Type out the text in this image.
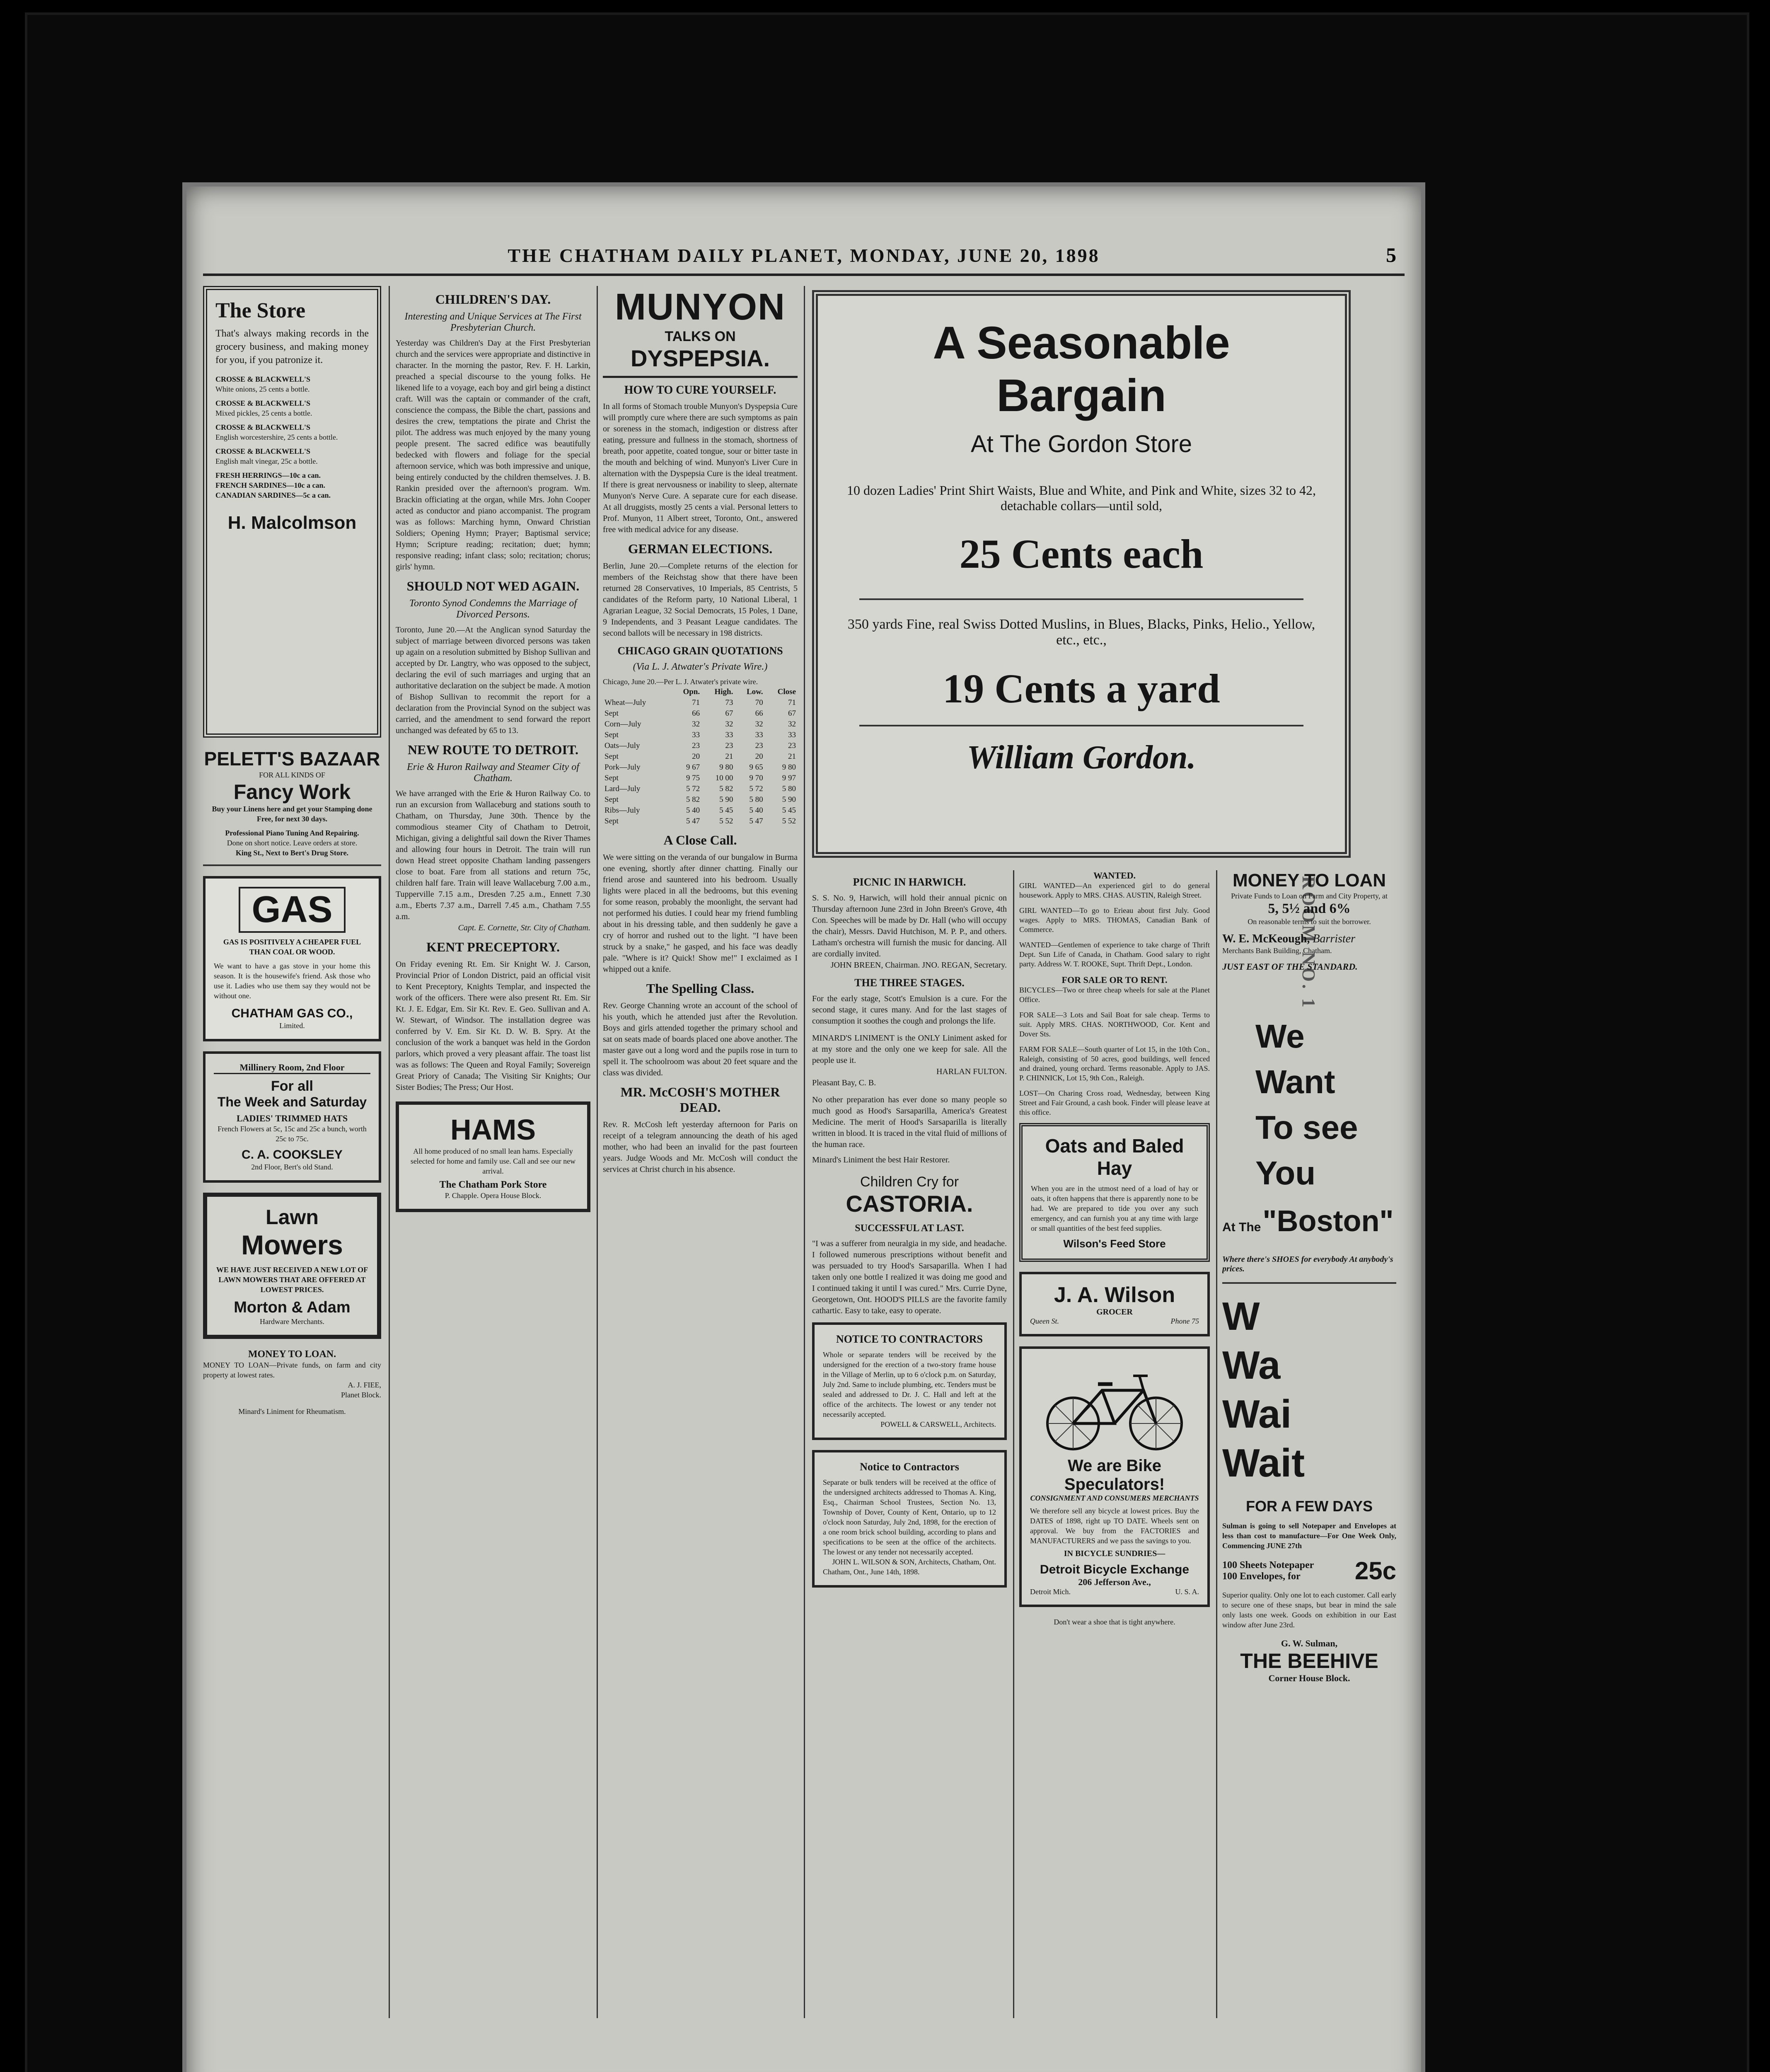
THE CHATHAM DAILY PLANET, MONDAY, JUNE 20, 1898	5
ROOM NO. 1
The Store
That's always making records in the grocery business, and making money for you, if you patronize it.
CROSSE & BLACKWELL'S
White onions, 25 cents a bottle.
CROSSE & BLACKWELL'S
Mixed pickles, 25 cents a bottle.
CROSSE & BLACKWELL'S
English worcestershire, 25 cents a bottle.
CROSSE & BLACKWELL'S
English malt vinegar, 25c a bottle.
FRESH HERRINGS—10c a can.
FRENCH SARDINES—10c a can.
CANADIAN SARDINES—5c a can.
H. Malcolmson
PELETT'S BAZAAR
FOR ALL KINDS OF
Fancy Work
Buy your Linens here and get your Stamping done Free, for next 30 days.
Professional Piano Tuning And Repairing.
Done on short notice. Leave orders at store.
King St., Next to Bert's Drug Store.
GAS
GAS IS POSITIVELY A CHEAPER FUEL THAN COAL OR WOOD.
We want to have a gas stove in your home this season. It is the housewife's friend. Ask those who use it. Ladies who use them say they would not be without one.
CHATHAM GAS CO.,
Limited.
Millinery Room, 2nd Floor
For all
The Week and Saturday
LADIES' TRIMMED HATS
French Flowers at 5c, 15c and 25c a bunch, worth 25c to 75c.
C. A. COOKSLEY
2nd Floor, Bert's old Stand.
Lawn
Mowers
WE HAVE JUST RECEIVED A NEW LOT OF LAWN MOWERS THAT ARE OFFERED AT LOWEST PRICES.
Morton & Adam
Hardware Merchants.
MONEY TO LOAN.
MONEY TO LOAN—Private funds, on farm and city property at lowest rates.
A. J. FIEE,
Planet Block.
Minard's Liniment for Rheumatism.
CHILDREN'S DAY.
Interesting and Unique Services at The First Presbyterian Church.
Yesterday was Children's Day at the First Presbyterian church and the services were appropriate and distinctive in character. In the morning the pastor, Rev. F. H. Larkin, preached a special discourse to the young folks. He likened life to a voyage, each boy and girl being a distinct craft. Will was the captain or commander of the craft, conscience the compass, the Bible the chart, passions and desires the crew, temptations the pirate and Christ the pilot. The address was much enjoyed by the many young people present. The sacred edifice was beautifully bedecked with flowers and foliage for the special afternoon service, which was both impressive and unique, being entirely conducted by the children themselves. J. B. Rankin presided over the afternoon's program. Wm. Brackin officiating at the organ, while Mrs. John Cooper acted as conductor and piano accompanist. The program was as follows: Marching hymn, Onward Christian Soldiers; Opening Hymn; Prayer; Baptismal service; Hymn; Scripture reading; recitation; duet; hymn; responsive reading; infant class; solo; recitation; chorus; girls' hymn.
SHOULD NOT WED AGAIN.
Toronto Synod Condemns the Marriage of Divorced Persons.
Toronto, June 20.—At the Anglican synod Saturday the subject of marriage between divorced persons was taken up again on a resolution submitted by Bishop Sullivan and accepted by Dr. Langtry, who was opposed to the subject, declaring the evil of such marriages and urging that an authoritative declaration on the subject be made. A motion of Bishop Sullivan to recommit the report for a declaration from the Provincial Synod on the subject was carried, and the amendment to send forward the report unchanged was defeated by 65 to 13.
NEW ROUTE TO DETROIT.
Erie & Huron Railway and Steamer City of Chatham.
We have arranged with the Erie & Huron Railway Co. to run an excursion from Wallaceburg and stations south to Chatham, on Thursday, June 30th. Thence by the commodious steamer City of Chatham to Detroit, Michigan, giving a delightful sail down the River Thames and allowing four hours in Detroit. The train will run down Head street opposite Chatham landing passengers close to boat. Fare from all stations and return 75c, children half fare. Train will leave Wallaceburg 7.00 a.m., Tupperville 7.15 a.m., Dresden 7.25 a.m., Ennett 7.30 a.m., Eberts 7.37 a.m., Darrell 7.45 a.m., Chatham 7.55 a.m.
Capt. E. Cornette, Str. City of Chatham.
KENT PRECEPTORY.
On Friday evening Rt. Em. Sir Knight W. J. Carson, Provincial Prior of London District, paid an official visit to Kent Preceptory, Knights Templar, and inspected the work of the officers. There were also present Rt. Em. Sir Kt. J. E. Edgar, Em. Sir Kt. Rev. E. Geo. Sullivan and A. W. Stewart, of Windsor. The installation degree was conferred by V. Em. Sir Kt. D. W. B. Spry. At the conclusion of the work a banquet was held in the Gordon parlors, which proved a very pleasant affair. The toast list was as follows: The Queen and Royal Family; Sovereign Great Priory of Canada; The Visiting Sir Knights; Our Sister Bodies; The Press; Our Host.
HAMS
All home produced of no small lean hams. Especially selected for home and family use. Call and see our new arrival.
The Chatham Pork Store
P. Chapple. Opera House Block.
MUNYON
TALKS ON
DYSPEPSIA.
HOW TO CURE YOURSELF.
In all forms of Stomach trouble Munyon's Dyspepsia Cure will promptly cure where there are such symptoms as pain or soreness in the stomach, indigestion or distress after eating, pressure and fullness in the stomach, shortness of breath, poor appetite, coated tongue, sour or bitter taste in the mouth and belching of wind. Munyon's Liver Cure in alternation with the Dyspepsia Cure is the ideal treatment. If there is great nervousness or inability to sleep, alternate Munyon's Nerve Cure. A separate cure for each disease. At all druggists, mostly 25 cents a vial. Personal letters to Prof. Munyon, 11 Albert street, Toronto, Ont., answered free with medical advice for any disease.
GERMAN ELECTIONS.
Berlin, June 20.—Complete returns of the election for members of the Reichstag show that there have been returned 28 Conservatives, 10 Imperials, 85 Centrists, 5 candidates of the Reform party, 10 National Liberal, 1 Agrarian League, 32 Social Democrats, 15 Poles, 1 Dane, 9 Independents, and 3 Peasant League candidates. The second ballots will be necessary in 198 districts.
CHICAGO GRAIN QUOTATIONS
(Via L. J. Atwater's Private Wire.)
Chicago, June 20.—Per L. J. Atwater's private wire.
	Opn.	High.	Low.	Close
Wheat—July	71	73	70	71
Sept	66	67	66	67
Corn—July	32	32	32	32
Sept	33	33	33	33
Oats—July	23	23	23	23
Sept	20	21	20	21
Pork—July	9 67	9 80	9 65	9 80
Sept	9 75	10 00	9 70	9 97
Lard—July	5 72	5 82	5 72	5 80
Sept	5 82	5 90	5 80	5 90
Ribs—July	5 40	5 45	5 40	5 45
Sept	5 47	5 52	5 47	5 52
A Close Call.
We were sitting on the veranda of our bungalow in Burma one evening, shortly after dinner chatting. Finally our friend arose and sauntered into his bedroom. Usually lights were placed in all the bedrooms, but this evening for some reason, probably the moonlight, the servant had not performed his duties. I could hear my friend fumbling about in his dressing table, and then suddenly he gave a cry of horror and rushed out to the light. "I have been struck by a snake," he gasped, and his face was deadly pale. "Where is it? Quick! Show me!" I exclaimed as I whipped out a knife.
The Spelling Class.
Rev. George Channing wrote an account of the school of his youth, which he attended just after the Revolution. Boys and girls attended together the primary school and sat on seats made of boards placed one above another. The master gave out a long word and the pupils rose in turn to spell it. The schoolroom was about 20 feet square and the class was divided.
MR. McCOSH'S MOTHER DEAD.
Rev. R. McCosh left yesterday afternoon for Paris on receipt of a telegram announcing the death of his aged mother, who had been an invalid for the past fourteen years. Judge Woods and Mr. McCosh will conduct the services at Christ church in his absence.
A Seasonable Bargain
At The Gordon Store
10 dozen Ladies' Print Shirt Waists, Blue and White, and Pink and White, sizes 32 to 42, detachable collars—until sold,
25 Cents each
350 yards Fine, real Swiss Dotted Muslins, in Blues, Blacks, Pinks, Helio., Yellow, etc., etc.,
19 Cents a yard
William Gordon.
PICNIC IN HARWICH.
S. S. No. 9, Harwich, will hold their annual picnic on Thursday afternoon June 23rd in John Breen's Grove, 4th Con. Speeches will be made by Dr. Hall (who will occupy the chair), Messrs. David Hutchison, M. P. P., and others. Latham's orchestra will furnish the music for dancing. All are cordially invited.
JOHN BREEN, Chairman. JNO. REGAN, Secretary.
THE THREE STAGES.
For the early stage, Scott's Emulsion is a cure. For the second stage, it cures many. And for the last stages of consumption it soothes the cough and prolongs the life.
MINARD'S LINIMENT is the ONLY Liniment asked for at my store and the only one we keep for sale. All the people use it.
HARLAN FULTON.
Pleasant Bay, C. B.
No other preparation has ever done so many people so much good as Hood's Sarsaparilla, America's Greatest Medicine. The merit of Hood's Sarsaparilla is literally written in blood. It is traced in the vital fluid of millions of the human race.
Minard's Liniment the best Hair Restorer.
Children Cry for
CASTORIA.
SUCCESSFUL AT LAST.
"I was a sufferer from neuralgia in my side, and headache. I followed numerous prescriptions without benefit and was persuaded to try Hood's Sarsaparilla. When I had taken only one bottle I realized it was doing me good and I continued taking it until I was cured." Mrs. Currie Dyne, Georgetown, Ont. HOOD'S PILLS are the favorite family cathartic. Easy to take, easy to operate.
NOTICE TO CONTRACTORS
Whole or separate tenders will be received by the undersigned for the erection of a two-story frame house in the Village of Merlin, up to 6 o'clock p.m. on Saturday, July 2nd. Same to include plumbing, etc. Tenders must be sealed and addressed to Dr. J. C. Hall and left at the office of the architects. The lowest or any tender not necessarily accepted.
POWELL & CARSWELL, Architects.
Notice to Contractors
Separate or bulk tenders will be received at the office of the undersigned architects addressed to Thomas A. King, Esq., Chairman School Trustees, Section No. 13, Township of Dover, County of Kent, Ontario, up to 12 o'clock noon Saturday, July 2nd, 1898, for the erection of a one room brick school building, according to plans and specifications to be seen at the office of the architects. The lowest or any tender not necessarily accepted.
JOHN L. WILSON & SON, Architects, Chatham, Ont.
Chatham, Ont., June 14th, 1898.
WANTED.
GIRL WANTED—An experienced girl to do general housework. Apply to MRS. CHAS. AUSTIN, Raleigh Street.
GIRL WANTED—To go to Erieau about first July. Good wages. Apply to MRS. THOMAS, Canadian Bank of Commerce.
WANTED—Gentlemen of experience to take charge of Thrift Dept. Sun Life of Canada, in Chatham. Good salary to right party. Address W. T. ROOKE, Supt. Thrift Dept., London.
FOR SALE OR TO RENT.
BICYCLES—Two or three cheap wheels for sale at the Planet Office.
FOR SALE—3 Lots and Sail Boat for sale cheap. Terms to suit. Apply MRS. CHAS. NORTHWOOD, Cor. Kent and Dover Sts.
FARM FOR SALE—South quarter of Lot 15, in the 10th Con., Raleigh, consisting of 50 acres, good buildings, well fenced and drained, young orchard. Terms reasonable. Apply to JAS. P. CHINNICK, Lot 15, 9th Con., Raleigh.
LOST—On Charing Cross road, Wednesday, between King Street and Fair Ground, a cash book. Finder will please leave at this office.
Oats and Baled Hay
When you are in the utmost need of a load of hay or oats, it often happens that there is apparently none to be had. We are prepared to tide you over any such emergency, and can furnish you at any time with large or small quantities of the best feed supplies.
Wilson's Feed Store
J. A. Wilson
GROCER
Queen St.	Phone 75
We are Bike Speculators!
CONSIGNMENT AND CONSUMERS MERCHANTS
We therefore sell any bicycle at lowest prices. Buy the DATES of 1898, right up TO DATE. Wheels sent on approval. We buy from the FACTORIES and MANUFACTURERS and we pass the savings to you.
IN BICYCLE SUNDRIES—
Detroit Bicycle Exchange
206 Jefferson Ave.,
Detroit Mich.	U. S. A.
Don't wear a shoe that is tight anywhere.
MONEY TO LOAN
Private Funds to Loan on Farm and City Property, at
5, 5½ and 6%
On reasonable terms to suit the borrower.
W. E. McKeough, Barrister
Merchants Bank Building, Chatham.
JUST EAST OF THE STANDARD.
We
Want
To see
You
At The "Boston"
Where there's SHOES for everybody At anybody's prices.
W
Wa
Wai
Wait
FOR A FEW DAYS
Sulman is going to sell Notepaper and Envelopes at less than cost to manufacture—For One Week Only, Commencing JUNE 27th
100 Sheets Notepaper
100 Envelopes, for	25c
Superior quality. Only one lot to each customer. Call early to secure one of these snaps, but bear in mind the sale only lasts one week. Goods on exhibition in our East window after June 23rd.
G. W. Sulman,
THE BEEHIVE
Corner House Block.
